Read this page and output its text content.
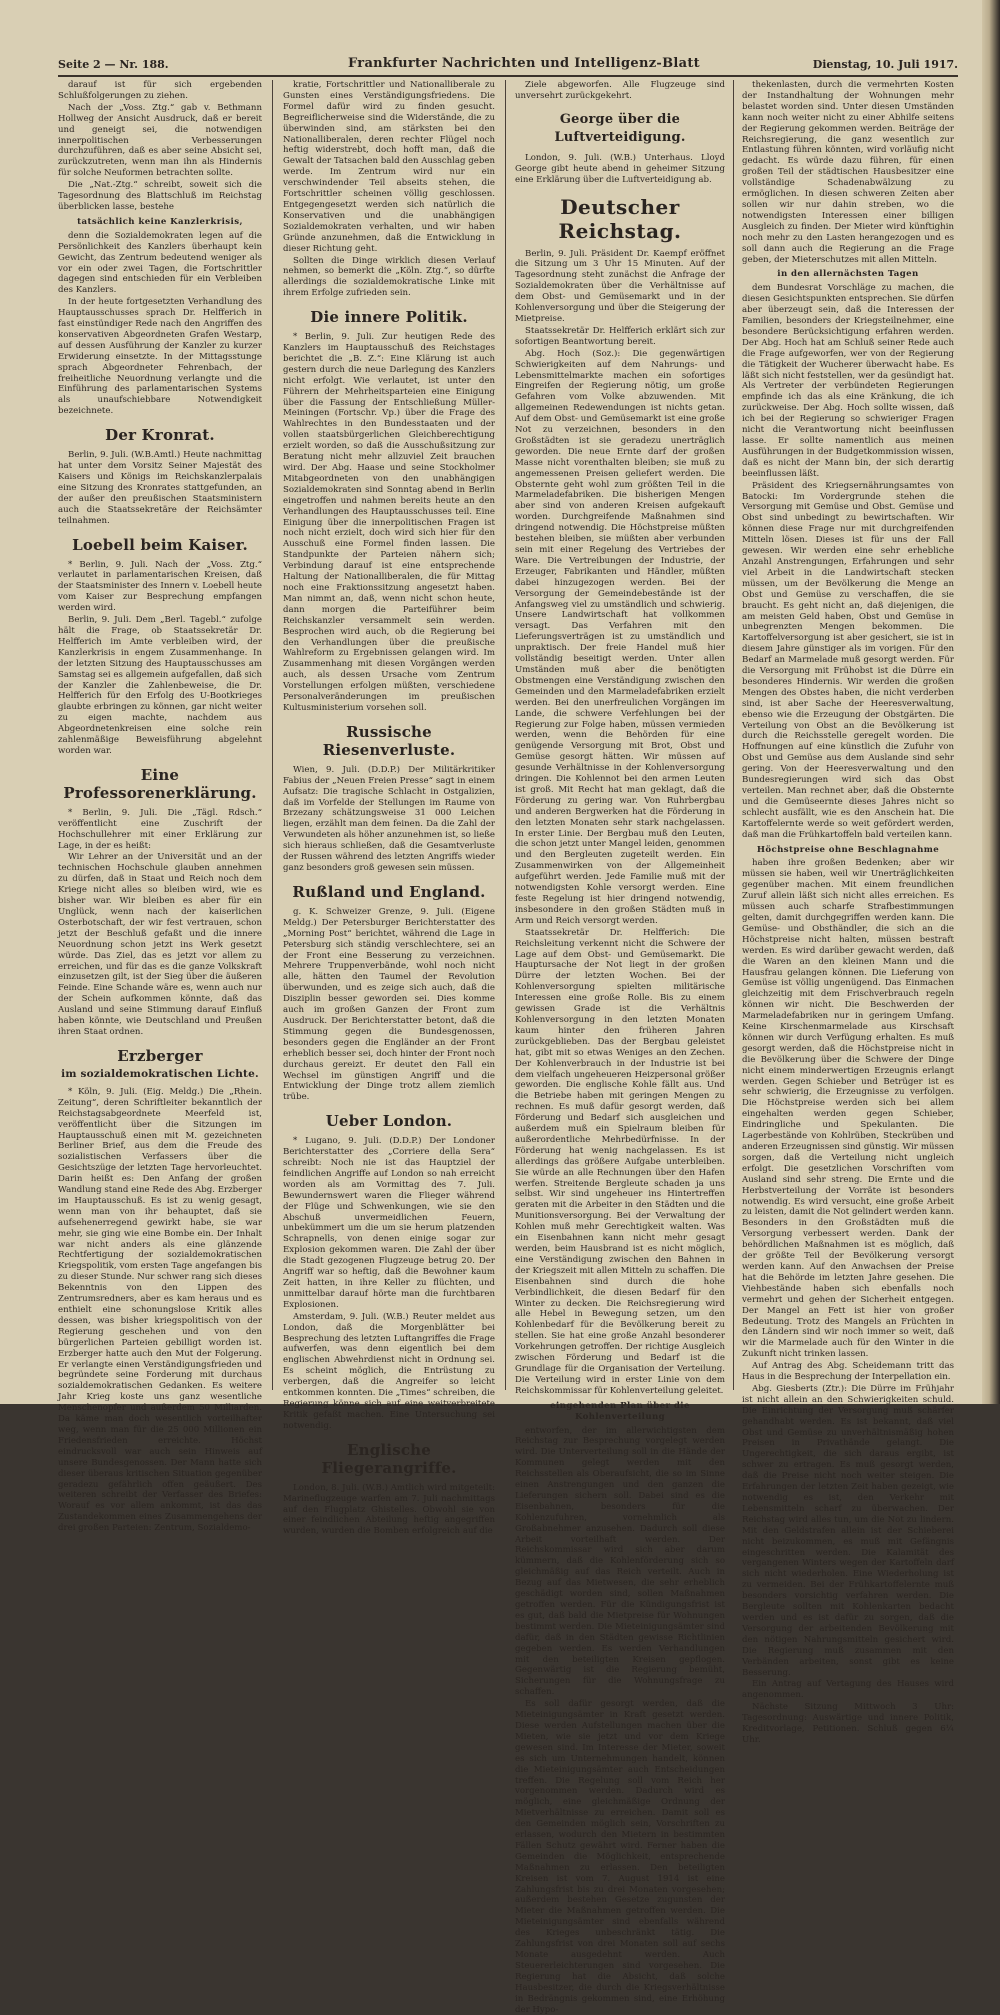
Seite 2 — Nr. 188.	Frankfurter Nachrichten und Intelligenz-Blatt	Dienstag, 10. Juli 1917.

darauf ist für sich ergebenden Schlußfolgerungen zu ziehen.

Nach der „Voss. Ztg.“ gab v. Bethmann Hollweg der Ansicht Ausdruck, daß er bereit und geneigt sei, die notwendigen innerpolitischen Verbesserungen durchzuführen, daß es aber seine Absicht sei, zurückzutreten, wenn man ihn als Hindernis für solche Neuformen betrachten sollte.

Die „Nat.-Ztg.“ schreibt, soweit sich die Tagesordnung des Blattschluß im Reichstag überblicken lasse, bestehe

tatsächlich keine Kanzlerkrisis,

denn die Sozialdemokraten legen auf die Persönlichkeit des Kanzlers überhaupt kein Gewicht, das Zentrum bedeutend weniger als vor ein oder zwei Tagen, die Fortschrittler dagegen sind entschieden für ein Verbleiben des Kanzlers.

In der heute fortgesetzten Verhandlung des Hauptausschusses sprach Dr. Helfferich in fast einstündiger Rede nach den Angriffen des konservativen Abgeordneten Grafen Westarp, auf dessen Ausführung der Kanzler zu kurzer Erwiderung einsetzte. In der Mittagsstunge sprach Abgeordneter Fehrenbach, der freiheitliche Neuordnung verlangte und die Einführung des parlamentarischen Systems als unaufschiebbare Notwendigkeit bezeichnete.

Der Kronrat.

Berlin, 9. Juli. (W.B.Amtl.) Heute nachmittag hat unter dem Vorsitz Seiner Majestät des Kaisers und Königs im Reichskanzlerpalais eine Sitzung des Kronrates stattgefunden, an der außer den preußischen Staatsministern auch die Staatssekretäre der Reichsämter teilnahmen.

Loebell beim Kaiser.

* Berlin, 9. Juli. Nach der „Voss. Ztg.“ verlautet in parlamentarischen Kreisen, daß der Staatsminister des Innern v. Loebell heute vom Kaiser zur Besprechung empfangen werden wird.

Berlin, 9. Juli. Dem „Berl. Tagebl.“ zufolge hält die Frage, ob Staatssekretär Dr. Helfferich im Amte verbleiben wird, der Kanzlerkrisis in engem Zusammenhange. In der letzten Sitzung des Hauptausschusses am Samstag sei es allgemein aufgefallen, daß sich der Kanzler die Zahlenbeweise, die Dr. Helfferich für den Erfolg des U-Bootkrieges glaubte erbringen zu können, gar nicht weiter zu eigen machte, nachdem aus Abgeordnetenkreisen eine solche rein zahlenmäßige Beweisführung abgelehnt worden war.

Eine Professorenerklärung.

* Berlin, 9. Juli. Die „Tägl. Rdsch.“ veröffentlicht eine Zuschrift der Hochschullehrer mit einer Erklärung zur Lage, in der es heißt:

Wir Lehrer an der Universität und an der technischen Hochschule glauben annehmen zu dürfen, daß in Staat und Reich noch dem Kriege nicht alles so bleiben wird, wie es bisher war. Wir bleiben es aber für ein Unglück, wenn nach der kaiserlichen Osterbotschaft, der wir fest vertrauen, schon jetzt der Beschluß gefaßt und die innere Neuordnung schon jetzt ins Werk gesetzt würde. Das Ziel, das es jetzt vor allem zu erreichen, und für das es die ganze Volkskraft einzusetzen gilt, ist der Sieg über die äußeren Feinde. Eine Schande wäre es, wenn auch nur der Schein aufkommen könnte, daß das Ausland und seine Stimmung darauf Einfluß haben könnte, wie Deutschland und Preußen ihren Staat ordnen.

Erzberger
im sozialdemokratischen Lichte.

* Köln, 9. Juli. (Eig. Meldg.) Die „Rhein. Zeitung“, deren Schriftleiter bekanntlich der Reichstagsabgeordnete Meerfeld ist, veröffentlicht über die Sitzungen im Hauptausschuß einen mit M. gezeichneten Berliner Brief, aus dem die Freude des sozialistischen Verfassers über die Gesichtszüge der letzten Tage hervorleuchtet. Darin heißt es: Den Anfang der großen Wandlung stand eine Rede des Abg. Erzberger im Hauptausschuß. Es ist zu wenig gesagt, wenn man von ihr behauptet, daß sie aufsehenerregend gewirkt habe, sie war mehr, sie ging wie eine Bombe ein. Der Inhalt war nicht anders als eine glänzende Rechtfertigung der sozialdemokratischen Kriegspolitik, vom ersten Tage angefangen bis zu dieser Stunde. Nur schwer rang sich dieses Bekenntnis von den Lippen des Zentrumsredners, aber es kam heraus und es enthielt eine schonungslose Kritik alles dessen, was bisher kriegspolitisch von der Regierung geschehen und von den bürgerlichen Parteien gebilligt worden ist. Erzberger hatte auch den Mut der Folgerung. Er verlangte einen Verständigungsfrieden und begründete seine Forderung mit durchaus sozialdemokratischen Gedanken. Es weitere Jahr Krieg koste uns ganz wesentliche Menschenopfer und außerdem 50 Milliarden. Da käme man doch wesentlich vorteilhafter weg, wenn man für die 25 000 Millionen ein Friedensfrieden erreichte. Höchst eindrucksvoll war auch sein Hinweis auf unsere Bundesgenossen. Der Mann hatte sich dieser überaus kritischen Situation gegenüber geradezu gefährlich offen geäußert. Des weiteren schreibt der Verfasser des Briefes: Worauf es vor allem ankommt, ist das das Zustandekommen eines Zusammengehens der drei großen Parteien: Zentrum, Sozialdemo-

kratie, Fortschrittler und Nationalliberale zu Gunsten eines Verständigungsfriedens. Die Formel dafür wird zu finden gesucht. Begreiflicherweise sind die Widerstände, die zu überwinden sind, am stärksten bei den Nationalliberalen, deren rechter Flügel noch heftig widerstrebt, doch hofft man, daß die Gewalt der Tatsachen bald den Ausschlag geben werde. Im Zentrum wird nur ein verschwindender Teil abseits stehen, die Fortschrittler scheinen völlig geschlossen. Entgegengesetzt werden sich natürlich die Konservativen und die unabhängigen Sozialdemokraten verhalten, und wir haben Gründe anzunehmen, daß die Entwicklung in dieser Richtung geht.

Sollten die Dinge wirklich diesen Verlauf nehmen, so bemerkt die „Köln. Ztg.“, so dürfte allerdings die sozialdemokratische Linke mit ihrem Erfolge zufrieden sein.

Die innere Politik.

* Berlin, 9. Juli. Zur heutigen Rede des Kanzlers im Hauptausschuß des Reichstages berichtet die „B. Z.“: Eine Klärung ist auch gestern durch die neue Darlegung des Kanzlers nicht erfolgt. Wie verlautet, ist unter den Führern der Mehrheitsparteien eine Einigung über die Fassung der Entschließung Müller-Meiningen (Fortschr. Vp.) über die Frage des Wahlrechtes in den Bundesstaaten und der vollen staatsbürgerlichen Gleichberechtigung erzielt worden, so daß die Ausschußsitzung zur Beratung nicht mehr allzuviel Zeit brauchen wird. Der Abg. Haase und seine Stockholmer Mitabgeordneten von den unabhängigen Sozialdemokraten sind Sonntag abend in Berlin eingetroffen und nahmen bereits heute an den Verhandlungen des Hauptausschusses teil. Eine Einigung über die innerpolitischen Fragen ist noch nicht erzielt, doch wird sich hier für den Ausschuß eine Formel finden lassen. Die Standpunkte der Parteien nähern sich; Verbindung darauf ist eine entsprechende Haltung der Nationalliberalen, die für Mittag noch eine Fraktionssitzung angesetzt haben. Man nimmt an, daß, wenn nicht schon heute, dann morgen die Parteiführer beim Reichskanzler versammelt sein werden. Besprochen wird auch, ob die Regierung bei den Verhandlungen über die preußische Wahlreform zu Ergebnissen gelangen wird. Im Zusammenhang mit diesen Vorgängen werden auch, als dessen Ursache vom Zentrum Vorstellungen erfolgen müßten, verschiedene Personalveränderungen im preußischen Kultusministerium vorsehen soll.

Russische Riesenverluste.

Wien, 9. Juli. (D.D.P.) Der Militärkritiker Fabius der „Neuen Freien Presse“ sagt in einem Aufsatz: Die tragische Schlacht in Ostgalizien, daß im Vorfelde der Stellungen im Raume von Brzezany schätzungsweise 31 000 Leichen liegen, erzählt man dem feinen. Da die Zahl der Verwundeten als höher anzunehmen ist, so ließe sich hieraus schließen, daß die Gesamtverluste der Russen während des letzten Angriffs wieder ganz besonders groß gewesen sein müssen.

Rußland und England.

g. K. Schweizer Grenze, 9. Juli. (Eigene Meldg.) Der Petersburger Berichterstatter des „Morning Post“ berichtet, während die Lage in Petersburg sich ständig verschlechtere, sei an der Front eine Besserung zu verzeichnen. Mehrere Truppenverbände, wohl noch nicht alle, hätten den Taumel der Revolution überwunden, und es zeige sich auch, daß die Disziplin besser geworden sei. Dies komme auch im großen Ganzen der Front zum Ausdruck. Der Berichterstatter betont, daß die Stimmung gegen die Bundesgenossen, besonders gegen die Engländer an der Front erheblich besser sei, doch hinter der Front noch durchaus gereizt. Er deutet den Fall ein Wechsel im günstigen Angriff und die Entwicklung der Dinge trotz allem ziemlich trübe.

Ueber London.

* Lugano, 9. Juli. (D.D.P.) Der Londoner Berichterstatter des „Corriere della Sera“ schreibt: Noch nie ist das Hauptziel der feindlichen Angriffe auf London so nah erreicht worden als am Vormittag des 7. Juli. Bewundernswert waren die Flieger während der Flüge und Schwenkungen, wie sie den Abschuß unvermeidlichen Feuern, unbekümmert um die um sie herum platzenden Schrapnells, von denen einige sogar zur Explosion gekommen waren. Die Zahl der über die Stadt gezogenen Flugzeuge betrug 20. Der Angriff war so heftig, daß die Bewohner kaum Zeit hatten, in ihre Keller zu flüchten, und unmittelbar darauf hörte man die furchtbaren Explosionen.

Amsterdam, 9. Juli. (W.B.) Reuter meldet aus London, daß die Morgenblätter bei Besprechung des letzten Luftangriffes die Frage aufwerfen, was denn eigentlich bei dem englischen Abwehrdienst nicht in Ordnung sei. Es scheint möglich, die Entrüstung zu verbergen, daß die Angreifer so leicht entkommen konnten. Die „Times“ schreiben, die Regierung könne sich auf eine weitverbreitete Kritik gefaßt machen. Eine Untersuchung sei notwendig.

Englische Fliegerangriffe.

London, 8. Juli. (W.B.) Amtlich wird mitgeteilt: Marineflugzeuge warfen am 7. Juli nachmittags auf den Flugplatz Ghistelles. Obwohl sie von einer feindlichen Abteilung heftig angegriffen wurden, wurden die Bomben erfolgreich auf die

Ziele abgeworfen. Alle Flugzeuge sind unversehrt zurückgekehrt.

George über die Luftverteidigung.

London, 9. Juli. (W.B.) Unterhaus. Lloyd George gibt heute abend in geheimer Sitzung eine Erklärung über die Luftverteidigung ab.

Deutscher Reichstag.

Berlin, 9. Juli. Präsident Dr. Kaempf eröffnet die Sitzung um 3 Uhr 15 Minuten. Auf der Tagesordnung steht zunächst die Anfrage der Sozialdemokraten über die Verhältnisse auf dem Obst- und Gemüsemarkt und in der Kohlenversorgung und über die Steigerung der Mietpreise.

Staatssekretär Dr. Helfferich erklärt sich zur sofortigen Beantwortung bereit.

Abg. Hoch (Soz.): Die gegenwärtigen Schwierigkeiten auf dem Nahrungs- und Lebensmittelmarkte machen ein sofortiges Eingreifen der Regierung nötig, um große Gefahren vom Volke abzuwenden. Mit allgemeinen Redewendungen ist nichts getan. Auf dem Obst- und Gemüsemarkt ist eine große Not zu verzeichnen, besonders in den Großstädten ist sie geradezu unerträglich geworden. Die neue Ernte darf der großen Masse nicht vorenthalten bleiben; sie muß zu angemessenen Preisen geliefert werden. Die Obsternte geht wohl zum größten Teil in die Marmeladefabriken. Die bisherigen Mengen aber sind von anderen Kreisen aufgekauft worden. Durchgreifende Maßnahmen sind dringend notwendig. Die Höchstpreise müßten bestehen bleiben, sie müßten aber verbunden sein mit einer Regelung des Vertriebes der Ware. Die Vertreibungen der Industrie, der Erzeuger, Fabrikanten und Händler, müßten dabei hinzugezogen werden. Bei der Versorgung der Gemeindebestände ist der Anfangsweg viel zu umständlich und schwierig. Unsere Landwirtschaft hat vollkommen versagt. Das Verfahren mit den Lieferungsverträgen ist zu umständlich und unpraktisch. Der freie Handel muß hier vollständig beseitigt werden. Unter allen Umständen muß aber die benötigten Obstmengen eine Verständigung zwischen den Gemeinden und den Marmeladefabriken erzielt werden. Bei den unerfreulichen Vorgängen im Lande, die schwere Verfehlungen bei der Regierung zur Folge haben, müssen vermieden werden, wenn die Behörden für eine genügende Versorgung mit Brot, Obst und Gemüse gesorgt hätten. Wir müssen auf gesunde Verhältnisse in der Kohlenversorgung dringen. Die Kohlennot bei den armen Leuten ist groß. Mit Recht hat man geklagt, daß die Förderung zu gering war. Von Ruhrbergbau und anderen Bergwerken hat die Förderung in den letzten Monaten sehr stark nachgelassen. In erster Linie. Der Bergbau muß den Leuten, die schon jetzt unter Mangel leiden, genommen und den Bergleuten zugeteilt werden. Ein Zusammenwirken von der Allgemeinheit aufgeführt werden. Jede Familie muß mit der notwendigsten Kohle versorgt werden. Eine feste Regelung ist hier dringend notwendig, insbesondere in den großen Städten muß in Arm und Reich versorgt werden.

Staatssekretär Dr. Helfferich: Die Reichsleitung verkennt nicht die Schwere der Lage auf dem Obst- und Gemüsemarkt. Die Hauptursache der Not liegt in der großen Dürre der letzten Wochen. Bei der Kohlenversorgung spielten militärische Interessen eine große Rolle. Bis zu einem gewissen Grade ist die Verhältnis Kohlenversorgung in den letzten Monaten kaum hinter den früheren Jahren zurückgeblieben. Das der Bergbau geleistet hat, gibt mit so etwas Weniges an den Zechen. Der Kohlenverbrauch in der Industrie ist bei dem vielfach ungeheueren Heizpersonal größer geworden. Die englische Kohle fällt aus. Und die Betriebe haben mit geringen Mengen zu rechnen. Es muß dafür gesorgt werden, daß Förderung und Bedarf sich ausgleichen und außerdem muß ein Spielraum bleiben für außerordentliche Mehrbedürfnisse. In der Förderung hat wenig nachgelassen. Es ist allerdings das größere Aufgabe unterbleiben. Sie würde an alle Rechnungen über den Hafen werfen. Streitende Bergleute schaden ja uns selbst. Wir sind ungeheuer ins Hintertreffen geraten mit die Arbeiter in den Städten und die Munitionsversorgung. Bei der Verwaltung der Kohlen muß mehr Gerechtigkeit walten. Was ein Eisenbahnen kann nicht mehr gesagt werden, beim Hausbrand ist es nicht möglich, eine Verständigung zwischen den Bahnen in der Kriegszeit mit allen Mitteln zu schaffen. Die Eisenbahnen sind durch die hohe Verbindlichkeit, die diesen Bedarf für den Winter zu decken. Die Reichsregierung wird alle Hebel in Bewegung setzen, um den Kohlenbedarf für die Bevölkerung bereit zu stellen. Sie hat eine große Anzahl besonderer Vorkehrungen getroffen. Der richtige Ausgleich zwischen Förderung und Bedarf ist die Grundlage für die Organisation der Verteilung. Die Verteilung wird in erster Linie von dem Reichskommissar für Kohlenverteilung geleitet.

eingehenden Plan über die Kohlenverteilung

entworfen, der im allerwichtigsten dem Reichstag zur Besprechung vorgelegt werden wird. Die Unterverteilung soll in die Hände der Kommunen gelegt werden mit den Reichsstellen als Oberaufsicht, die so im Sinne einen Anstrengungen und den ganzen die Lieferungen sichern soll. Dabei sind es die Eisenbahnen, besonders für die Kohlenzufuhren, vornehmlich als Großabnehmer anzusehen. Dadurch soll diese Arbeit vorteilhaft werden. Der Reichskommissar wird sich aber darum kümmern, daß die Kohlenförderung sich so gleichmäßig auf das Reich verteilt. Auch in Bezug auf das Mietwesen, die sehr erheblich geschädigt worden sind, sollen Maßnahmen getroffen werden. Für die Kündigungsfrist ist es gut, daß bald die Mietpreise für Wohnungen bestimmt werden. Die Mieteinigungsämter sind dafür, daß in den Städten gewisse Richtlinien gegeben werden. Es werden Verhandlungen mit den beteiligten Kreisen gepflogen. Gegenwärtig ist die Regierung bemüht, Sicherungen für die Wohnungsfrage zu schaffen.

Es soll dafür gesorgt werden, daß die Mieteinigungsämter in Kraft gesetzt werden. Diese werden Aufstellungen machen über die Mieten, wie sie jetzt und vor dem Kriege gewesen sind. Im Interesse der Mieter, soweit es sich um Unternehmungen handelt, können die Mieteinigungsämter auch Entscheidungen treffen. Die Regelung soll vom Reich her vorgenommen werden. Dadurch wird es möglich, eine gleichmäßige Ordnung der Mietverhältnisse zu erreichen. Damit soll es den Gemeinden möglich sein, Vorschriften zu erlassen, wodurch den Mietern in bestimmten Fällen Schutz gewährt wird. Ferner haben die Gemeinden die Möglichkeit, entsprechende Maßnahmen zu erlassen. Den beteiligten Kreisen ist vom 7. August 1914 ist eine Zahlungsfrist bis zu drei Monaten vorgesehen; außerdem bestehen Gesetze zugunsten der Mieter die Maßnahmen getroffen werden. Die Mieteinigungsämter sind ebenfalls während des Krieges unbeschränkt tätig. Die Zahlungsfrist von drei Monaten soll auf sechs Monate ausgedehnt werden. Auch Steuererleichterungen sind vorgesehen. Die Regierung hat die Absicht, daß solche Hausbesitzer, die durch die Kriegsverhältnisse in Bedrängnis gekommen sind, eine Erhöhung der Hypo-

thekenlasten, durch die vermehrten Kosten der Instandhaltung der Wohnungen mehr belastet worden sind. Unter diesen Umständen kann noch weiter nicht zu einer Abhilfe seitens der Regierung gekommen werden. Beiträge der Reichsregierung, die ganz wesentlich zur Entlastung führen könnten, wird vorläufig nicht gedacht. Es würde dazu führen, für einen großen Teil der städtischen Hausbesitzer eine vollständige Schadenabwälzung zu ermöglichen. In diesen schweren Zeiten aber sollen wir nur dahin streben, wo die notwendigsten Interessen einer billigen Ausgleich zu finden. Der Mieter wird künftighin noch mehr zu den Lasten herangezogen und es soll dann auch die Regierung an die Frage geben, der Mieterschutzes mit allen Mitteln.

in den allernächsten Tagen

dem Bundesrat Vorschläge zu machen, die diesen Gesichtspunkten entsprechen. Sie dürfen aber überzeugt sein, daß die Interessen der Familien, besonders der Kriegsteilnehmer, eine besondere Berücksichtigung erfahren werden. Der Abg. Hoch hat am Schluß seiner Rede auch die Frage aufgeworfen, wer von der Regierung die Tätigkeit der Wucherer überwacht habe. Es läßt sich nicht feststellen, wer da gesündigt hat. Als Vertreter der verbündeten Regierungen empfinde ich das als eine Kränkung, die ich zurückweise. Der Abg. Hoch sollte wissen, daß ich bei der Regierung so schwieriger Fragen nicht die Verantwortung nicht beeinflussen lasse. Er sollte namentlich aus meinen Ausführungen in der Budgetkommission wissen, daß es nicht der Mann bin, der sich derartig beeinflussen läßt.

Präsident des Kriegsernährungsamtes von Batocki: Im Vordergrunde stehen die Versorgung mit Gemüse und Obst. Gemüse und Obst sind unbedingt zu bewirtschaften. Wir können diese Frage nur mit durchgreifenden Mitteln lösen. Dieses ist für uns der Fall gewesen. Wir werden eine sehr erhebliche Anzahl Anstrengungen, Erfahrungen und sehr viel Arbeit in die Landwirtschaft stecken müssen, um der Bevölkerung die Menge an Obst und Gemüse zu verschaffen, die sie braucht. Es geht nicht an, daß diejenigen, die am meisten Geld haben, Obst und Gemüse in unbegrenzten Mengen bekommen. Die Kartoffelversorgung ist aber gesichert, sie ist in diesem Jahre günstiger als im vorigen. Für den Bedarf an Marmelade muß gesorgt werden. Für die Versorgung mit Frühobst ist die Dürre ein besonderes Hindernis. Wir werden die großen Mengen des Obstes haben, die nicht verderben sind, ist aber Sache der Heeresverwaltung, ebenso wie die Erzeugung der Obstgärten. Die Verteilung von Obst an die Bevölkerung ist durch die Reichsstelle geregelt worden. Die Hoffnungen auf eine künstlich die Zufuhr von Obst und Gemüse aus dem Auslande sind sehr gering. Von der Heeresverwaltung und den Bundesregierungen wird sich das Obst verteilen. Man rechnet aber, daß die Obsternte und die Gemüseernte dieses Jahres nicht so schlecht ausfällt, wie es den Anschein hat. Die Kartoffelernte werde so weit gefördert werden, daß man die Frühkartoffeln bald verteilen kann.

Höchstpreise ohne Beschlagnahme

haben ihre großen Bedenken; aber wir müssen sie haben, weil wir Unerträglichkeiten gegenüber machen. Mit einem freundlichen Zuruf allein läßt sich nicht alles erreichen. Es müssen auch scharfe Strafbestimmungen gelten, damit durchgegriffen werden kann. Die Gemüse- und Obsthändler, die sich an die Höchstpreise nicht halten, müssen bestraft werden. Es wird darüber gewacht werden, daß die Waren an den kleinen Mann und die Hausfrau gelangen können. Die Lieferung von Gemüse ist völlig ungenügend. Das Einmachen gleichzeitig mit dem Frischverbrauch regeln können wir nicht. Die Beschwerden der Marmeladefabriken nur in geringem Umfang. Keine Kirschenmarmelade aus Kirschsaft können wir durch Verfügung erhalten. Es muß gesorgt werden, daß die Höchstpreise nicht in die Bevölkerung über die Schwere der Dinge nicht einem minderwertigen Erzeugnis erlangt werden. Gegen Schieber und Betrüger ist es sehr schwierig, die Erzeugnisse zu verfolgen. Die Höchstpreise werden sich bei allem eingehalten werden gegen Schieber, Eindringliche und Spekulanten. Die Lagerbestände von Kohlrüben, Steckrüben und anderen Erzeugnissen sind günstig. Wir müssen sorgen, daß die Verteilung nicht ungleich erfolgt. Die gesetzlichen Vorschriften vom Ausland sind sehr streng. Die Ernte und die Herbstverteilung der Vorräte ist besonders notwendig. Es wird versucht, eine große Arbeit zu leisten, damit die Not gelindert werden kann. Besonders in den Großstädten muß die Versorgung verbessert werden. Dank der behördlichen Maßnahmen ist es möglich, daß der größte Teil der Bevölkerung versorgt werden kann. Auf den Anwachsen der Preise hat die Behörde im letzten Jahre gesehen. Die Viehbestände haben sich ebenfalls noch vermehrt und gehen der Sicherheit entgegen. Der Mangel an Fett ist hier von großer Bedeutung. Trotz des Mangels an Früchten in den Ländern sind wir noch immer so weit, daß wir die Marmelade auch für den Winter in die Zukunft nicht trinken lassen.

Auf Antrag des Abg. Scheidemann tritt das Haus in die Besprechung der Interpellation ein.

Abg. Giesberts (Ztr.): Die Dürre im Frühjahr ist nicht allein an den Schwierigkeiten schuld. Die Einrichtung der Versorgung muß schärfer gehandhabt werden. Es ist bekannt, daß viel Obst und Gemüse zu unverhältnismäßig hohen Preisen in Privathände gelangt. Die Ungerechtigkeit, die sich daraus ergibt, ist schwer zu ertragen. Es muß gesorgt werden, daß die Preise nicht noch weiter steigen. Die Erfahrungen der letzten Zeit haben gezeigt, wie notwendig es ist, den Verkehr mit Lebensmitteln scharf zu überwachen. Der Reichstag wird alles tun, um die Not zu lindern. Mit den Geldstrafen allein ist der Schieberei nicht beizukommen, es muß mit Gefängnis eingeschritten werden. Die Kalamität des vergangenen Winters wegen der Kartoffeln darf sich nicht wiederholen. Eine Wiederholung ist zu vermeiden. Bei der Frühkartoffelernte muß besonders vorsichtig verfahren werden. Die Bergleute sollten mit Kohlenkarten bedacht werden und es ist dafür zu sorgen, daß die Versorgung der arbeitenden Bevölkerung mit den nötigen Nahrungsmitteln gesichert wird. Die Regierung muß zusammen mit den Verbänden arbeiten, sonst gibt es keine Besserung.

Ein Antrag auf Vertagung des Hauses wird angenommen.

Nächste Sitzung Mittwoch 3 Uhr: Tagesordnung: Auswärtige und innere Politik, Kreditvorlage, Petitionen. Schluß gegen 6¼ Uhr.
